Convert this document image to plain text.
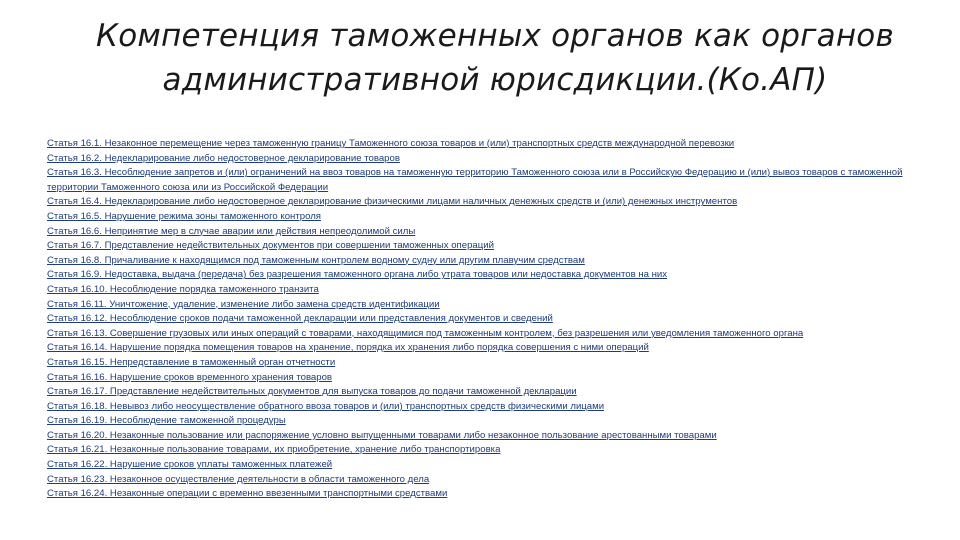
Компетенция таможенных органов как органов
административной юрисдикции.(Ко.АП)
Статья 16.1. Незаконное перемещение через таможенную границу Таможенного союза товаров и (или) транспортных средств международной перевозки
Статья 16.2. Недекларирование либо недостоверное декларирование товаров
Статья 16.3. Несоблюдение запретов и (или) ограничений на ввоз товаров на таможенную территорию Таможенного союза или в Российскую Федерацию и (или) вывоз товаров с таможенной территории Таможенного союза или из Российской Федерации
Статья 16.4. Недекларирование либо недостоверное декларирование физическими лицами наличных денежных средств и (или) денежных инструментов
Статья 16.5. Нарушение режима зоны таможенного контроля
Статья 16.6. Непринятие мер в случае аварии или действия непреодолимой силы
Статья 16.7. Представление недействительных документов при совершении таможенных операций
Статья 16.8. Причаливание к находящимся под таможенным контролем водному судну или другим плавучим средствам
Статья 16.9. Недоставка, выдача (передача) без разрешения таможенного органа либо утрата товаров или недоставка документов на них
Статья 16.10. Несоблюдение порядка таможенного транзита
Статья 16.11. Уничтожение, удаление, изменение либо замена средств идентификации
Статья 16.12. Несоблюдение сроков подачи таможенной декларации или представления документов и сведений
Статья 16.13. Совершение грузовых или иных операций с товарами, находящимися под таможенным контролем, без разрешения или уведомления таможенного органа
Статья 16.14. Нарушение порядка помещения товаров на хранение, порядка их хранения либо порядка совершения с ними операций
Статья 16.15. Непредставление в таможенный орган отчетности
Статья 16.16. Нарушение сроков временного хранения товаров
Статья 16.17. Представление недействительных документов для выпуска товаров до подачи таможенной декларации
Статья 16.18. Невывоз либо неосуществление обратного ввоза товаров и (или) транспортных средств физическими лицами
Статья 16.19. Несоблюдение таможенной процедуры
Статья 16.20. Незаконные пользование или распоряжение условно выпущенными товарами либо незаконное пользование арестованными товарами
Статья 16.21. Незаконные пользование товарами, их приобретение, хранение либо транспортировка
Статья 16.22. Нарушение сроков уплаты таможенных платежей
Статья 16.23. Незаконное осуществление деятельности в области таможенного дела
Статья 16.24. Незаконные операции с временно ввезенными транспортными средствами
